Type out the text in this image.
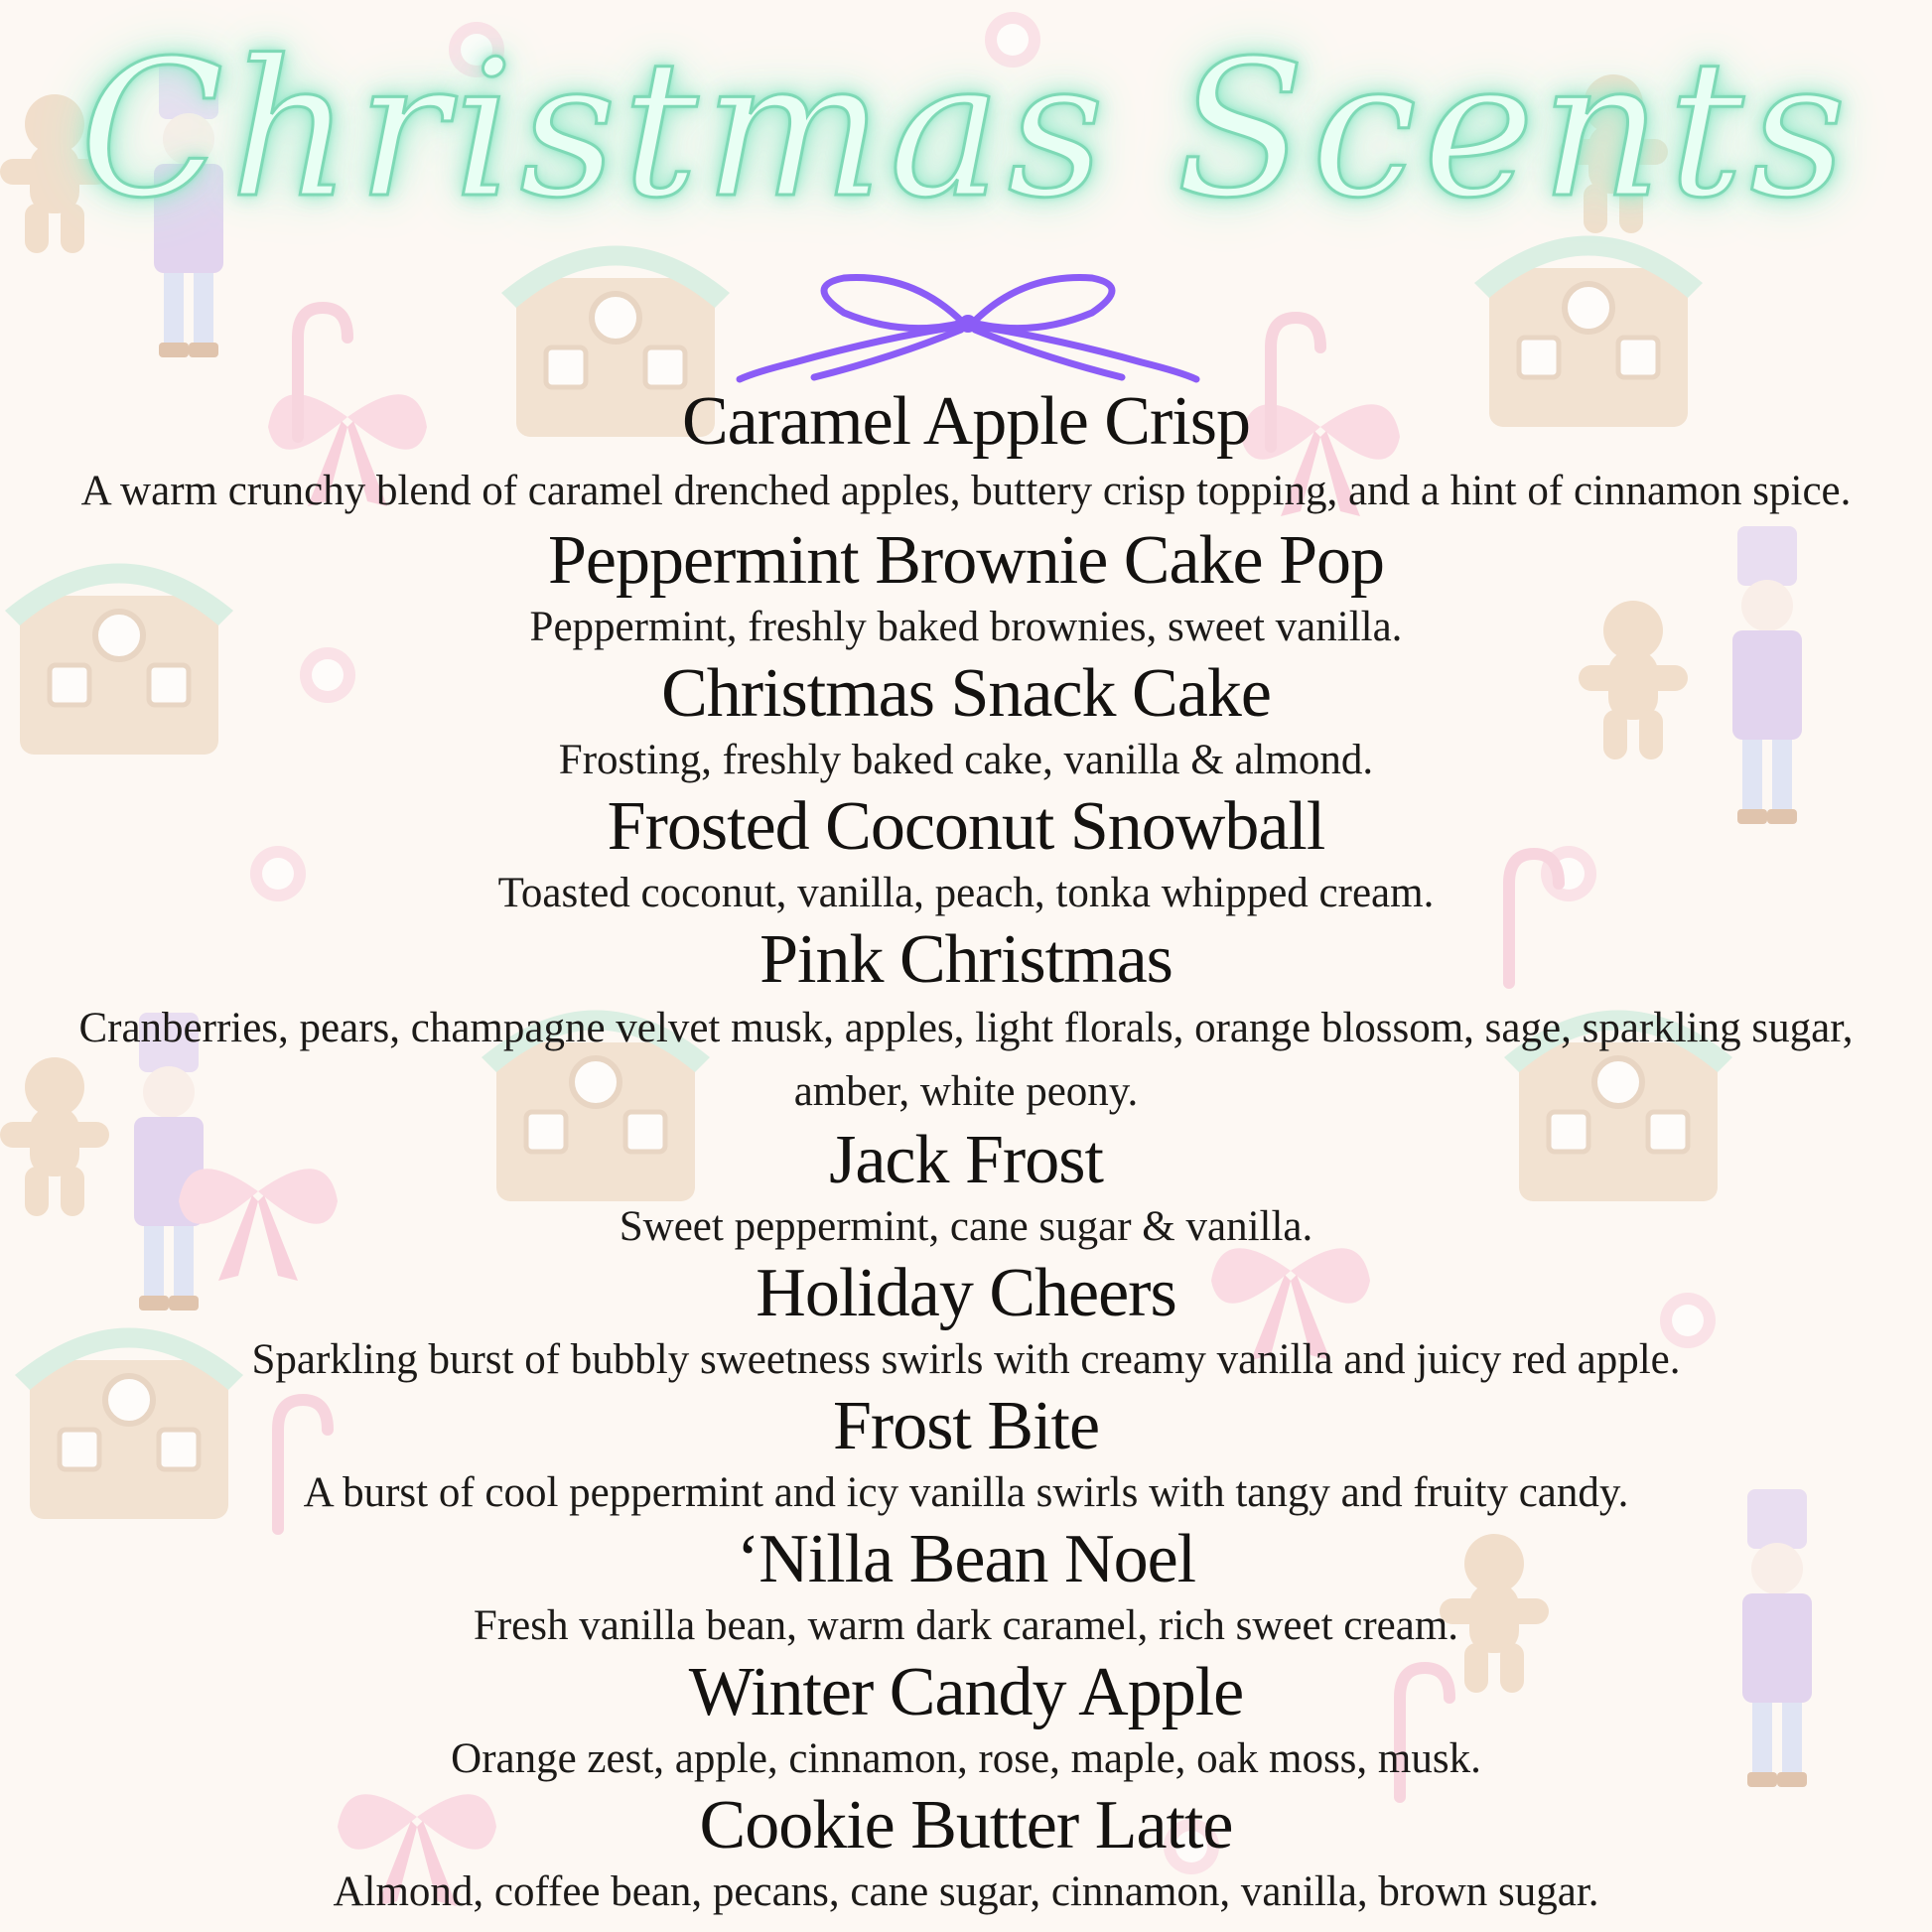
Christmas Scents
Caramel Apple Crisp
A warm crunchy blend of caramel drenched apples, buttery crisp topping, and a hint of cinnamon spice.
Peppermint Brownie Cake Pop
Peppermint, freshly baked brownies, sweet vanilla.
Christmas Snack Cake
Frosting, freshly baked cake, vanilla & almond.
Frosted Coconut Snowball
Toasted coconut, vanilla, peach, tonka whipped cream.
Pink Christmas
Cranberries, pears, champagne velvet musk, apples, light florals, orange blossom, sage, sparkling sugar, amber, white peony.
Jack Frost
Sweet peppermint, cane sugar & vanilla.
Holiday Cheers
Sparkling burst of bubbly sweetness swirls with creamy vanilla and juicy red apple.
Frost Bite
A burst of cool peppermint and icy vanilla swirls with tangy and fruity candy.
‘Nilla Bean Noel
Fresh vanilla bean, warm dark caramel, rich sweet cream.
Winter Candy Apple
Orange zest, apple, cinnamon, rose, maple, oak moss, musk.
Cookie Butter Latte
Almond, coffee bean, pecans, cane sugar, cinnamon, vanilla, brown sugar.
